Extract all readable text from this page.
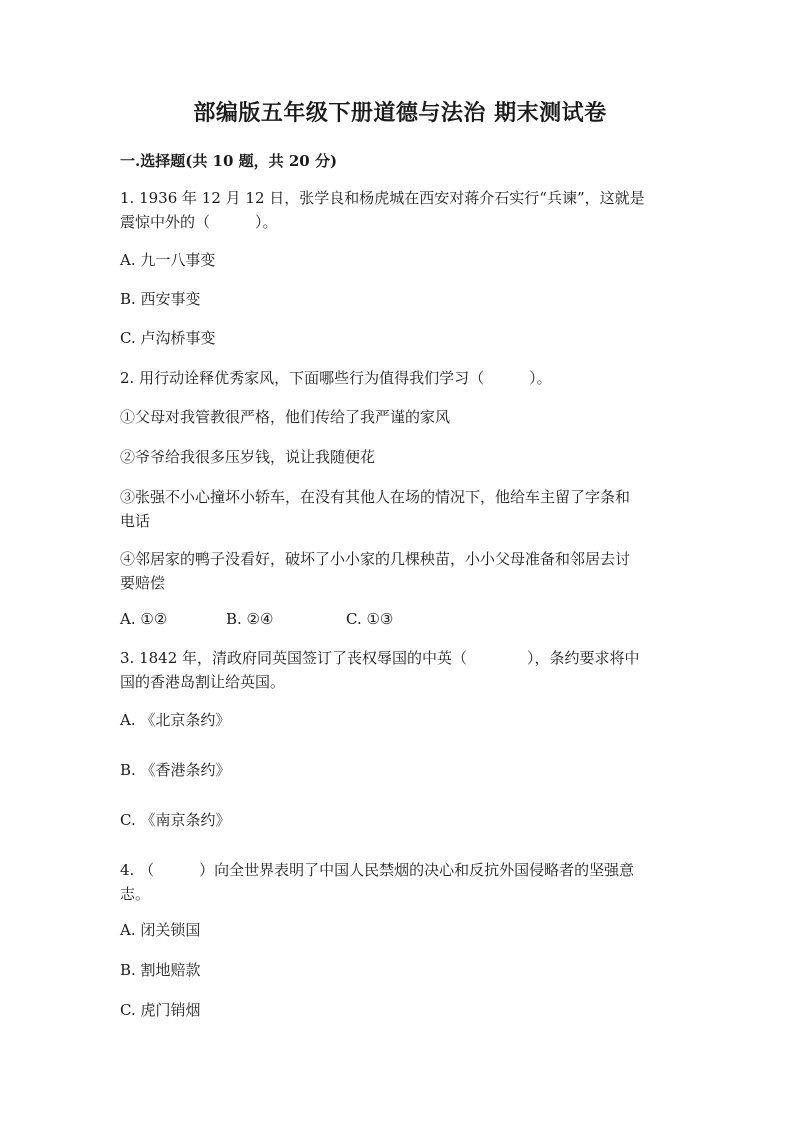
部编版五年级下册道德与法治 期末测试卷
一.选择题(共 10 题，共 20 分)
1. 1936 年 12 月 12 日，张学良和杨虎城在西安对蒋介石实行“兵谏”，这就是
震惊中外的（　　　）。
A. 九一八事变
B. 西安事变
C. 卢沟桥事变
2. 用行动诠释优秀家风，下面哪些行为值得我们学习（　　　）。
①父母对我管教很严格，他们传给了我严谨的家风
②爷爷给我很多压岁钱，说让我随便花
③张强不小心撞坏小轿车，在没有其他人在场的情况下，他给车主留了字条和
电话
④邻居家的鸭子没看好，破坏了小小家的几棵秧苗，小小父母准备和邻居去讨
要赔偿
A. ①②	B. ②④	C. ①③
3. 1842 年，清政府同英国签订了丧权辱国的中英（　　　　），条约要求将中
国的香港岛割让给英国。
A. 《北京条约》
B. 《香港条约》
C. 《南京条约》
4. （　　　）向全世界表明了中国人民禁烟的决心和反抗外国侵略者的坚强意
志。
A. 闭关锁国
B. 割地赔款
C. 虎门销烟
